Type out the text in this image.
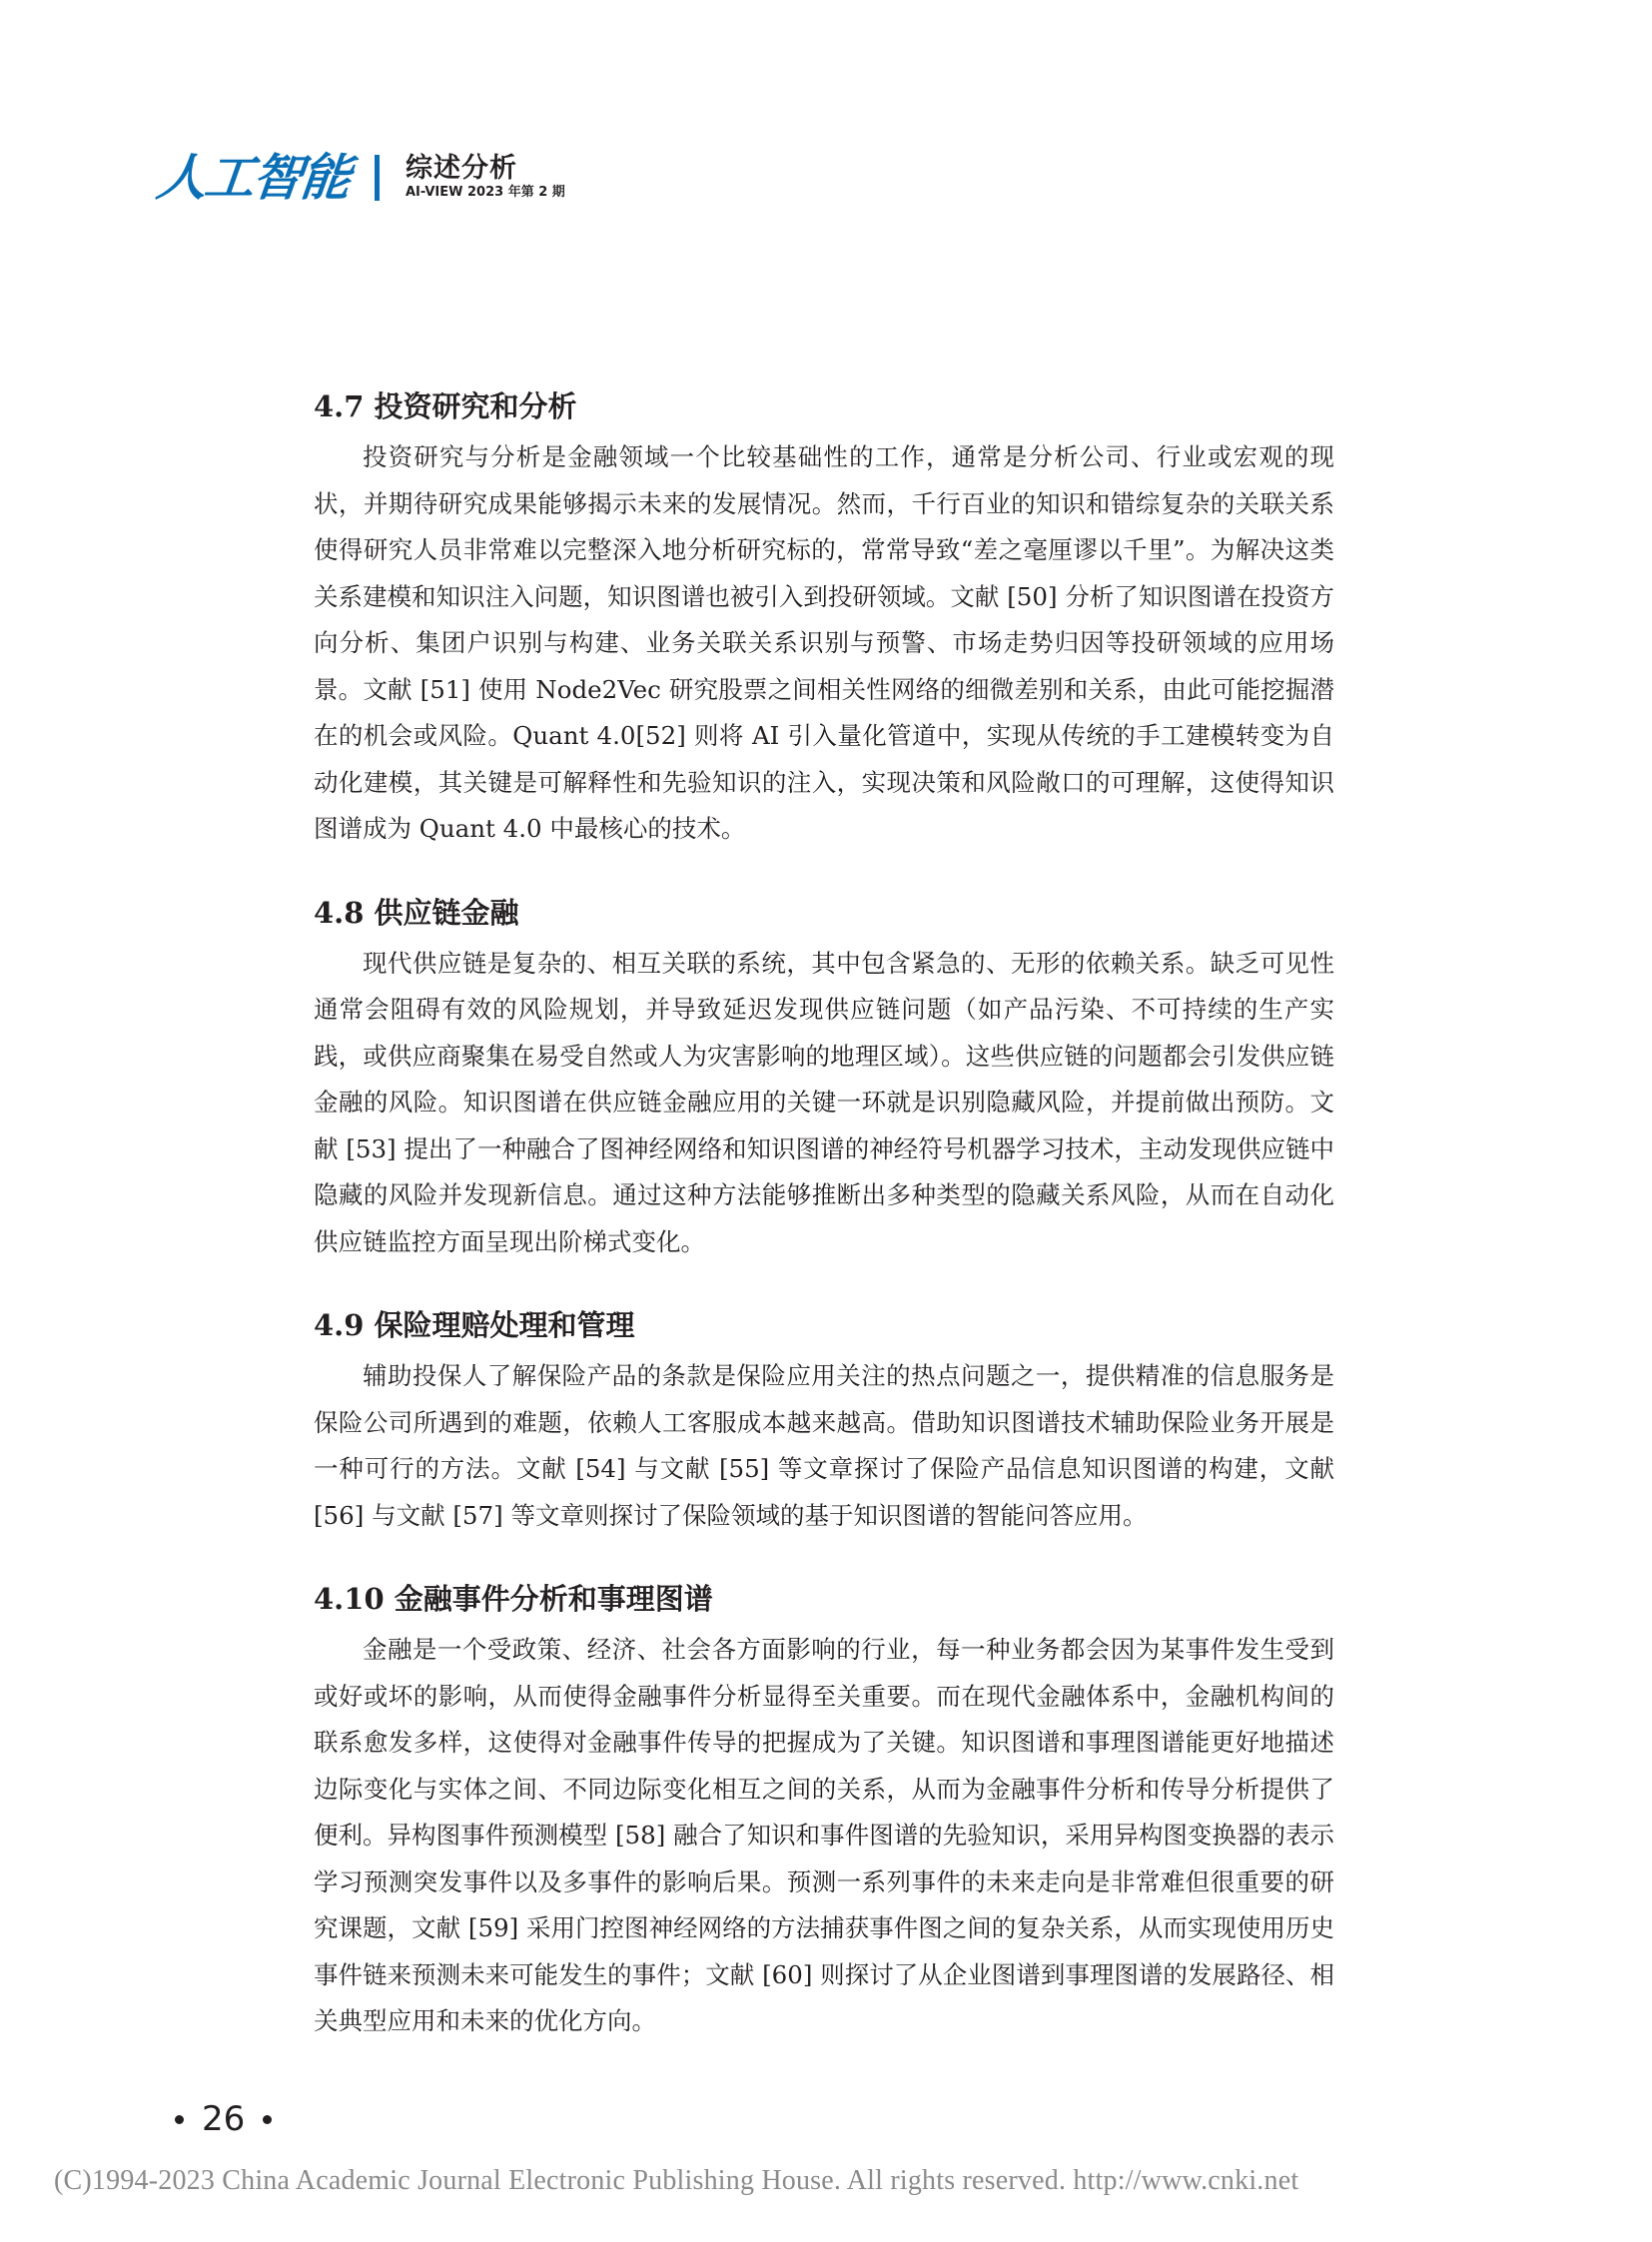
人工智能 综述分析
AI-VIEW 2023 年第 2 期
4.7 投资研究和分析

投资研究与分析是金融领域一个比较基础性的工作，通常是分析公司、行业或宏观的现状，并期待研究成果能够揭示未来的发展情况。然而，千行百业的知识和错综复杂的关联关系使得研究人员非常难以完整深入地分析研究标的，常常导致“差之毫厘谬以千里”。为解决这类关系建模和知识注入问题，知识图谱也被引入到投研领域。文献 [50] 分析了知识图谱在投资方向分析、集团户识别与构建、业务关联关系识别与预警、市场走势归因等投研领域的应用场景。文献 [51] 使用 Node2Vec 研究股票之间相关性网络的细微差别和关系，由此可能挖掘潜在的机会或风险。Quant 4.0[52] 则将 AI 引入量化管道中，实现从传统的手工建模转变为自动化建模，其关键是可解释性和先验知识的注入，实现决策和风险敞口的可理解，这使得知识图谱成为 Quant 4.0 中最核心的技术。

4.8 供应链金融

现代供应链是复杂的、相互关联的系统，其中包含紧急的、无形的依赖关系。缺乏可见性通常会阻碍有效的风险规划，并导致延迟发现供应链问题（如产品污染、不可持续的生产实践，或供应商聚集在易受自然或人为灾害影响的地理区域）。这些供应链的问题都会引发供应链金融的风险。知识图谱在供应链金融应用的关键一环就是识别隐藏风险，并提前做出预防。文献 [53] 提出了一种融合了图神经网络和知识图谱的神经符号机器学习技术，主动发现供应链中隐藏的风险并发现新信息。通过这种方法能够推断出多种类型的隐藏关系风险，从而在自动化供应链监控方面呈现出阶梯式变化。

4.9 保险理赔处理和管理

辅助投保人了解保险产品的条款是保险应用关注的热点问题之一，提供精准的信息服务是保险公司所遇到的难题，依赖人工客服成本越来越高。借助知识图谱技术辅助保险业务开展是一种可行的方法。文献 [54] 与文献 [55] 等文章探讨了保险产品信息知识图谱的构建，文献 [56] 与文献 [57] 等文章则探讨了保险领域的基于知识图谱的智能问答应用。

4.10 金融事件分析和事理图谱

金融是一个受政策、经济、社会各方面影响的行业，每一种业务都会因为某事件发生受到或好或坏的影响，从而使得金融事件分析显得至关重要。而在现代金融体系中，金融机构间的联系愈发多样，这使得对金融事件传导的把握成为了关键。知识图谱和事理图谱能更好地描述边际变化与实体之间、不同边际变化相互之间的关系，从而为金融事件分析和传导分析提供了便利。异构图事件预测模型 [58] 融合了知识和事件图谱的先验知识，采用异构图变换器的表示学习预测突发事件以及多事件的影响后果。预测一系列事件的未来走向是非常难但很重要的研究课题，文献 [59] 采用门控图神经网络的方法捕获事件图之间的复杂关系，从而实现使用历史事件链来预测未来可能发生的事件；文献 [60] 则探讨了从企业图谱到事理图谱的发展路径、相关典型应用和未来的优化方向。

26
(C)1994-2023 China Academic Journal Electronic Publishing House. All rights reserved. http://www.cnki.net
